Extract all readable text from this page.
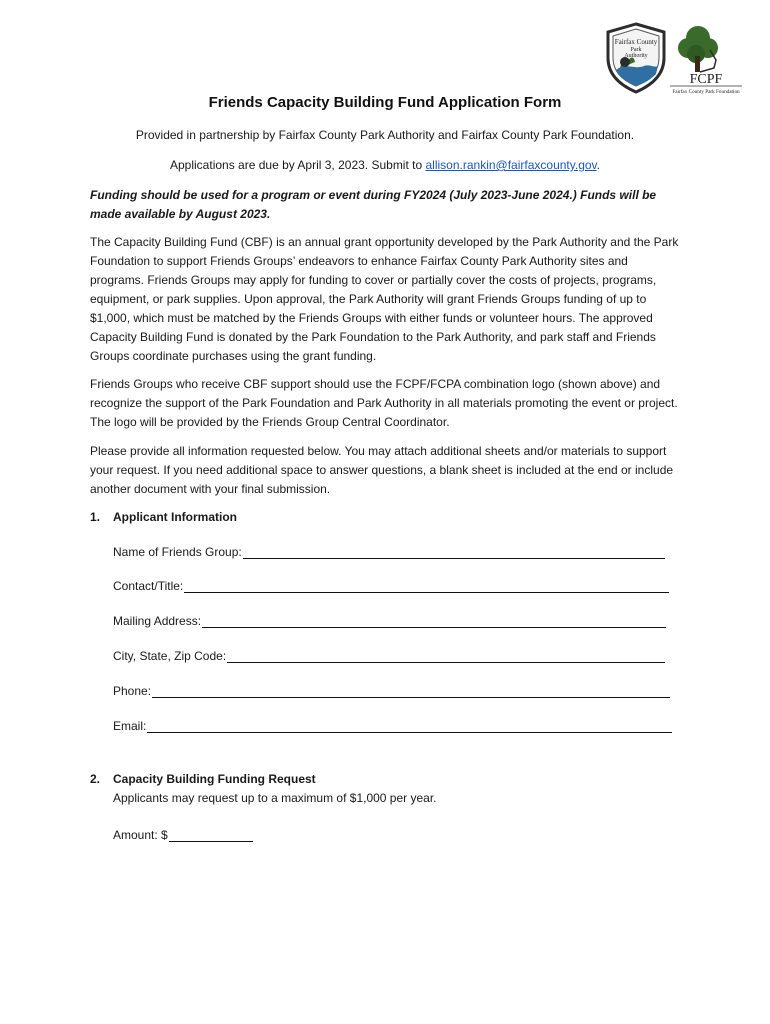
Fairfax County
Park
Authority
FCPF
Fairfax County Park Foundation
Friends Capacity Building Fund Application Form
Provided in partnership by Fairfax County Park Authority and Fairfax County Park Foundation.
Applications are due by April 3, 2023. Submit to allison.rankin@fairfaxcounty.gov.
Funding should be used for a program or event during FY2024 (July 2023-June 2024.) Funds will be made available by August 2023.
The Capacity Building Fund (CBF) is an annual grant opportunity developed by the Park Authority and the Park Foundation to support Friends Groups’ endeavors to enhance Fairfax County Park Authority sites and programs. Friends Groups may apply for funding to cover or partially cover the costs of projects, programs, equipment, or park supplies. Upon approval, the Park Authority will grant Friends Groups funding of up to $1,000, which must be matched by the Friends Groups with either funds or volunteer hours. The approved Capacity Building Fund is donated by the Park Foundation to the Park Authority, and park staff and Friends Groups coordinate purchases using the grant funding.
Friends Groups who receive CBF support should use the FCPF/FCPA combination logo (shown above) and recognize the support of the Park Foundation and Park Authority in all materials promoting the event or project. The logo will be provided by the Friends Group Central Coordinator.
Please provide all information requested below. You may attach additional sheets and/or materials to support your request. If you need additional space to answer questions, a blank sheet is included at the end or include another document with your final submission.
1. Applicant Information
Name of Friends Group:
Contact/Title:
Mailing Address:
City, State, Zip Code:
Phone:
Email:
2. Capacity Building Funding Request
Applicants may request up to a maximum of $1,000 per year.
Amount: $
